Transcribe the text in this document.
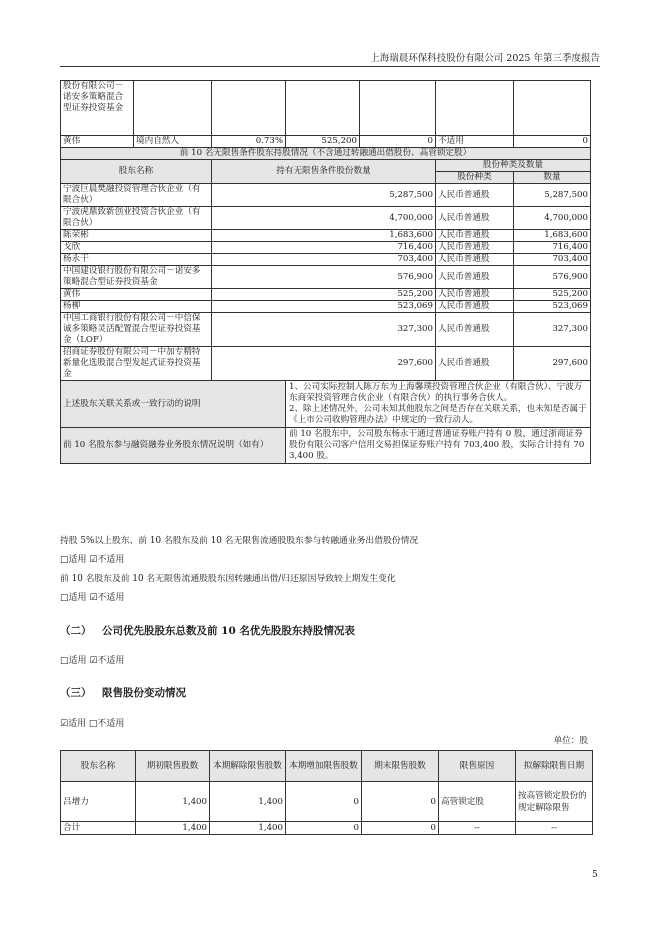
上海瑞晨环保科技股份有限公司 2025 年第三季度报告
股份有限公司－诺安多策略混合型证券投资基金						
黄伟	境内自然人	0.73%	525,200	0	不适用	0
前 10 名无限售条件股东持股情况（不含通过转融通出借股份、高管锁定股）						
股东名称		持有无限售条件股份数量			股份种类及数量	
					股份种类	数量
宁波巨晨樊融投资管理合伙企业（有限合伙）		5,287,500			人民币普通股	5,287,500
宁波虎鼎致新创业投资合伙企业（有限合伙）		4,700,000			人民币普通股	4,700,000
陈荣彬		1,683,600			人民币普通股	1,683,600
戈欣		716,400			人民币普通股	716,400
杨永干		703,400			人民币普通股	703,400
中国建设银行股份有限公司－诺安多策略混合型证券投资基金		576,900			人民币普通股	576,900
黄伟		525,200			人民币普通股	525,200
杨柳		523,069			人民币普通股	523,069
中国工商银行股份有限公司－中信保诚多策略灵活配置混合型证券投资基金（LOF）		327,300			人民币普通股	327,300
招商证券股份有限公司－中加专精特新量化选股混合型发起式证券投资基金		297,600			人民币普通股	297,600
上述股东关联关系或一致行动的说明			1、公司实际控制人陈万东为上海馨璞投资管理合伙企业（有限合伙）、宁波万东商荣投资管理合伙企业（有限合伙）的执行事务合伙人。
2、除上述情况外，公司未知其他股东之间是否存在关联关系，也未知是否属于《上市公司收购管理办法》中规定的一致行动人。			

前 10 名股东参与融资融券业务股东情况说明（如有）			前 10 名股东中，公司股东杨永干通过普通证券账户持有 0 股，通过浙商证券股份有限公司客户信用交易担保证券账户持有 703,400 股，实际合计持有 703,400 股。			
持股 5%以上股东、前 10 名股东及前 10 名无限售流通股股东参与转融通业务出借股份情况
□适用 ☑不适用
前 10 名股东及前 10 名无限售流通股股东因转融通出借/归还原因导致较上期发生变化
□适用 ☑不适用
（二） 公司优先股股东总数及前 10 名优先股股东持股情况表
□适用 ☑不适用
（三） 限售股份变动情况
☑适用 □不适用
单位：股
股东名称	期初限售股数	本期解除限售股数	本期增加限售股数	期末限售股数	限售原因	拟解除限售日期
吕增力	1,400	1,400	0	0	高管锁定股	按高管锁定股份的规定解除限售
合计	1,400	1,400	0	0	--	--
5
